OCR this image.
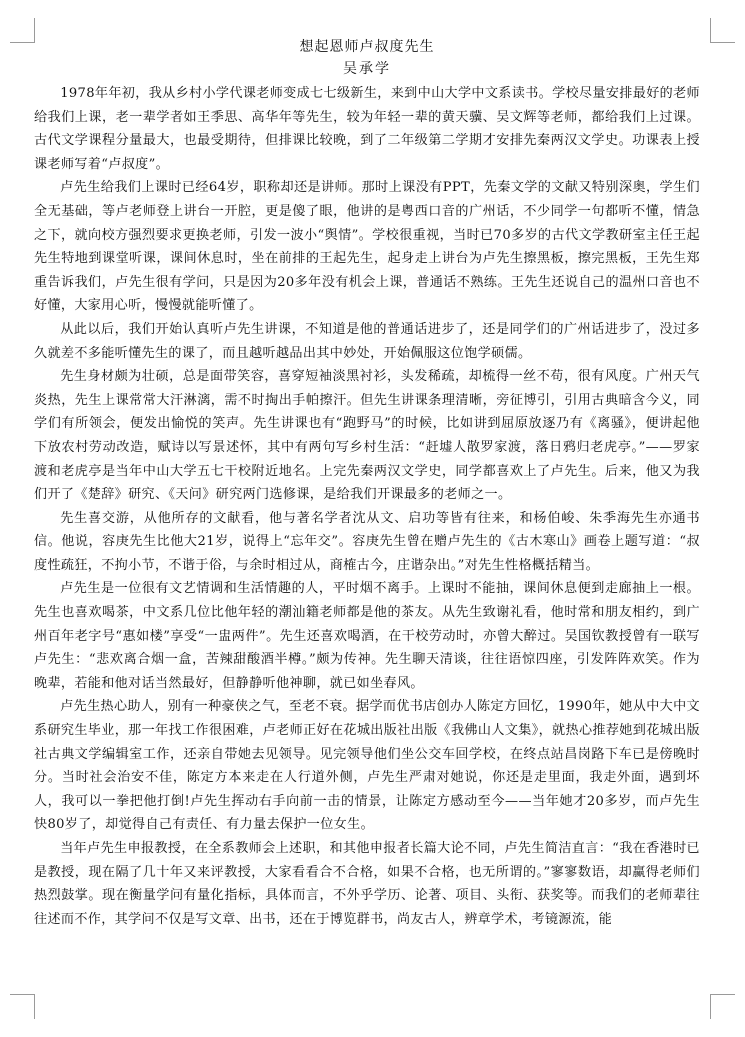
想起恩师卢叔度先生
吴承学

1978年年初，我从乡村小学代课老师变成七七级新生，来到中山大学中文系读书。学校尽量安排最好的老师给我们上课，老一辈学者如王季思、高华年等先生，较为年轻一辈的黄天骥、吴文辉等老师，都给我们上过课。古代文学课程分量最大，也最受期待，但排课比较晚，到了二年级第二学期才安排先秦两汉文学史。功课表上授课老师写着“卢叔度”。

卢先生给我们上课时已经64岁，职称却还是讲师。那时上课没有PPT，先秦文学的文献又特别深奥，学生们全无基础，等卢老师登上讲台一开腔，更是傻了眼，他讲的是粤西口音的广州话，不少同学一句都听不懂，情急之下，就向校方强烈要求更换老师，引发一波小“舆情”。学校很重视，当时已70多岁的古代文学教研室主任王起先生特地到课堂听课，课间休息时，坐在前排的王起先生，起身走上讲台为卢先生擦黑板，擦完黑板，王先生郑重告诉我们，卢先生很有学问，只是因为20多年没有机会上课，普通话不熟练。王先生还说自己的温州口音也不好懂，大家用心听，慢慢就能听懂了。

从此以后，我们开始认真听卢先生讲课，不知道是他的普通话进步了，还是同学们的广州话进步了，没过多久就差不多能听懂先生的课了，而且越听越品出其中妙处，开始佩服这位饱学硕儒。

先生身材颇为壮硕，总是面带笑容，喜穿短袖淡黑衬衫，头发稀疏，却梳得一丝不苟，很有风度。广州天气炎热，先生上课常常大汗淋漓，需不时掏出手帕擦汗。但先生讲课条理清晰，旁征博引，引用古典暗含今义，同学们有所领会，便发出愉悦的笑声。先生讲课也有“跑野马”的时候，比如讲到屈原放逐乃有《离骚》，便讲起他下放农村劳动改造，赋诗以写景述怀，其中有两句写乡村生活：“赶墟人散罗家渡，落日鸦归老虎亭。”——罗家渡和老虎亭是当年中山大学五七干校附近地名。上完先秦两汉文学史，同学都喜欢上了卢先生。后来，他又为我们开了《楚辞》研究、《天问》研究两门选修课，是给我们开课最多的老师之一。

先生喜交游，从他所存的文献看，他与著名学者沈从文、启功等皆有往来，和杨伯峻、朱季海先生亦通书信。他说，容庚先生比他大21岁，说得上“忘年交”。容庚先生曾在赠卢先生的《古木寒山》画卷上题写道：“叔度性疏狂，不拘小节，不谐于俗，与余时相过从，商榷古今，庄谐杂出。”对先生性格概括精当。

卢先生是一位很有文艺情调和生活情趣的人，平时烟不离手。上课时不能抽，课间休息便到走廊抽上一根。先生也喜欢喝茶，中文系几位比他年轻的潮汕籍老师都是他的茶友。从先生致谢礼看，他时常和朋友相约，到广州百年老字号“惠如楼”享受“一盅两件”。先生还喜欢喝酒，在干校劳动时，亦曾大醉过。吴国钦教授曾有一联写卢先生：“悲欢离合烟一盒，苦辣甜酸酒半樽。”颇为传神。先生聊天清谈，往往语惊四座，引发阵阵欢笑。作为晚辈，若能和他对话当然最好，但静静听他神聊，就已如坐春风。

卢先生热心助人，别有一种豪侠之气，至老不衰。据学而优书店创办人陈定方回忆，1990年，她从中大中文系研究生毕业，那一年找工作很困难，卢老师正好在花城出版社出版《我佛山人文集》，就热心推荐她到花城出版社古典文学编辑室工作，还亲自带她去见领导。见完领导他们坐公交车回学校，在终点站昌岗路下车已是傍晚时分。当时社会治安不佳，陈定方本来走在人行道外侧，卢先生严肃对她说，你还是走里面，我走外面，遇到坏人，我可以一拳把他打倒!卢先生挥动右手向前一击的情景，让陈定方感动至今——当年她才20多岁，而卢先生快80岁了，却觉得自己有责任、有力量去保护一位女生。

当年卢先生申报教授，在全系教师会上述职，和其他申报者长篇大论不同，卢先生简洁直言：“我在香港时已是教授，现在隔了几十年又来评教授，大家看看合不合格，如果不合格，也无所谓的。”寥寥数语，却赢得老师们热烈鼓掌。现在衡量学问有量化指标，具体而言，不外乎学历、论著、项目、头衔、获奖等。而我们的老师辈往往述而不作，其学问不仅是写文章、出书，还在于博览群书，尚友古人，辨章学术，考镜源流，能
